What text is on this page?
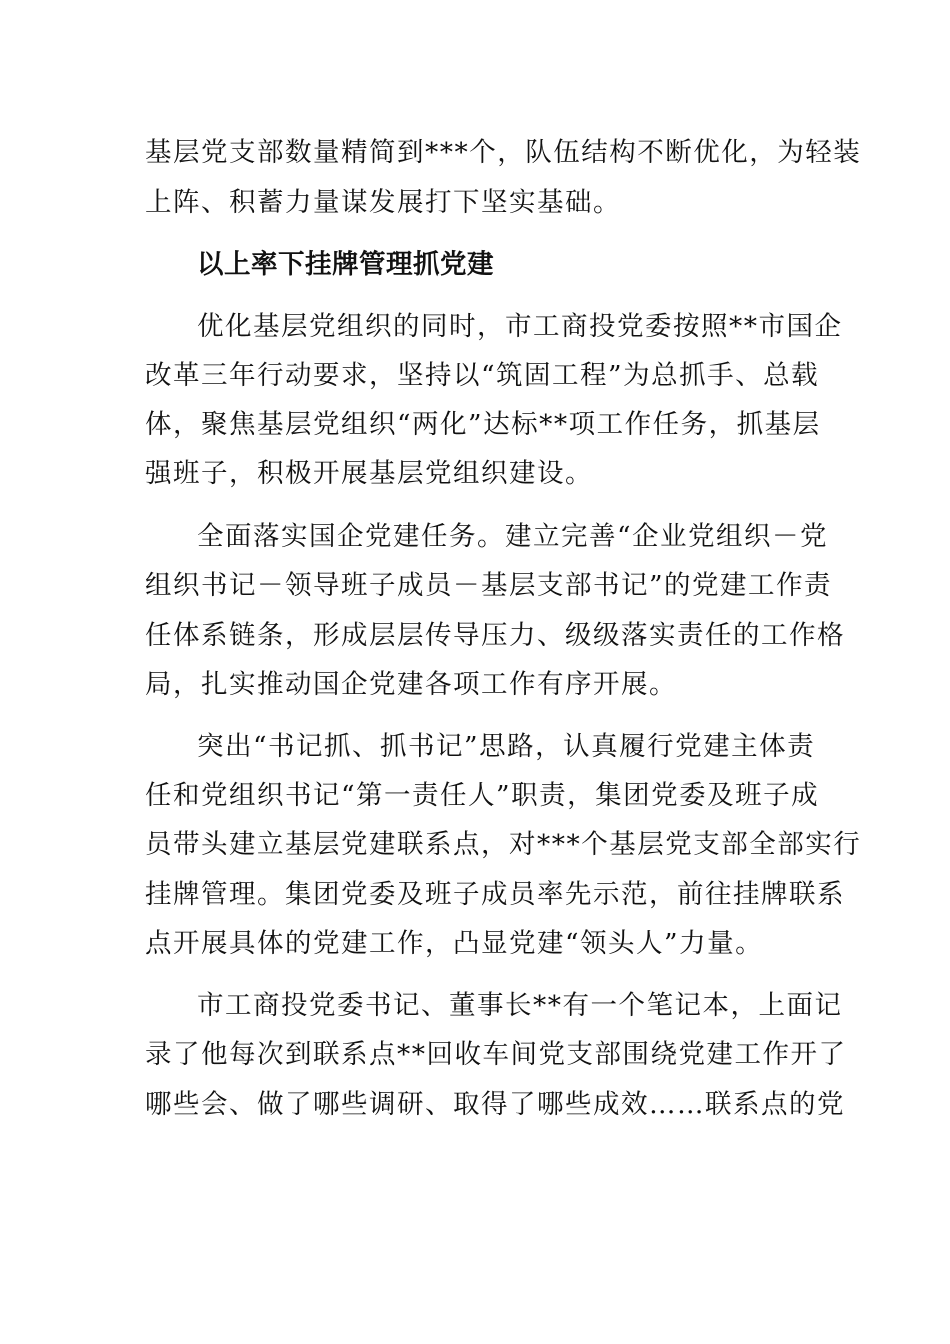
基层党支部数量精简到***个，队伍结构不断优化，为轻装
上阵、积蓄力量谋发展打下坚实基础。
以上率下挂牌管理抓党建
优化基层党组织的同时，市工商投党委按照**市国企
改革三年行动要求，坚持以“筑固工程”为总抓手、总载
体，聚焦基层党组织“两化”达标**项工作任务，抓基层
强班子，积极开展基层党组织建设。
全面落实国企党建任务。建立完善“企业党组织－党
组织书记－领导班子成员－基层支部书记”的党建工作责
任体系链条，形成层层传导压力、级级落实责任的工作格
局，扎实推动国企党建各项工作有序开展。
突出“书记抓、抓书记”思路，认真履行党建主体责
任和党组织书记“第一责任人”职责，集团党委及班子成
员带头建立基层党建联系点，对***个基层党支部全部实行
挂牌管理。集团党委及班子成员率先示范，前往挂牌联系
点开展具体的党建工作，凸显党建“领头人”力量。
市工商投党委书记、董事长**有一个笔记本，上面记
录了他每次到联系点**回收车间党支部围绕党建工作开了
哪些会、做了哪些调研、取得了哪些成效……联系点的党
